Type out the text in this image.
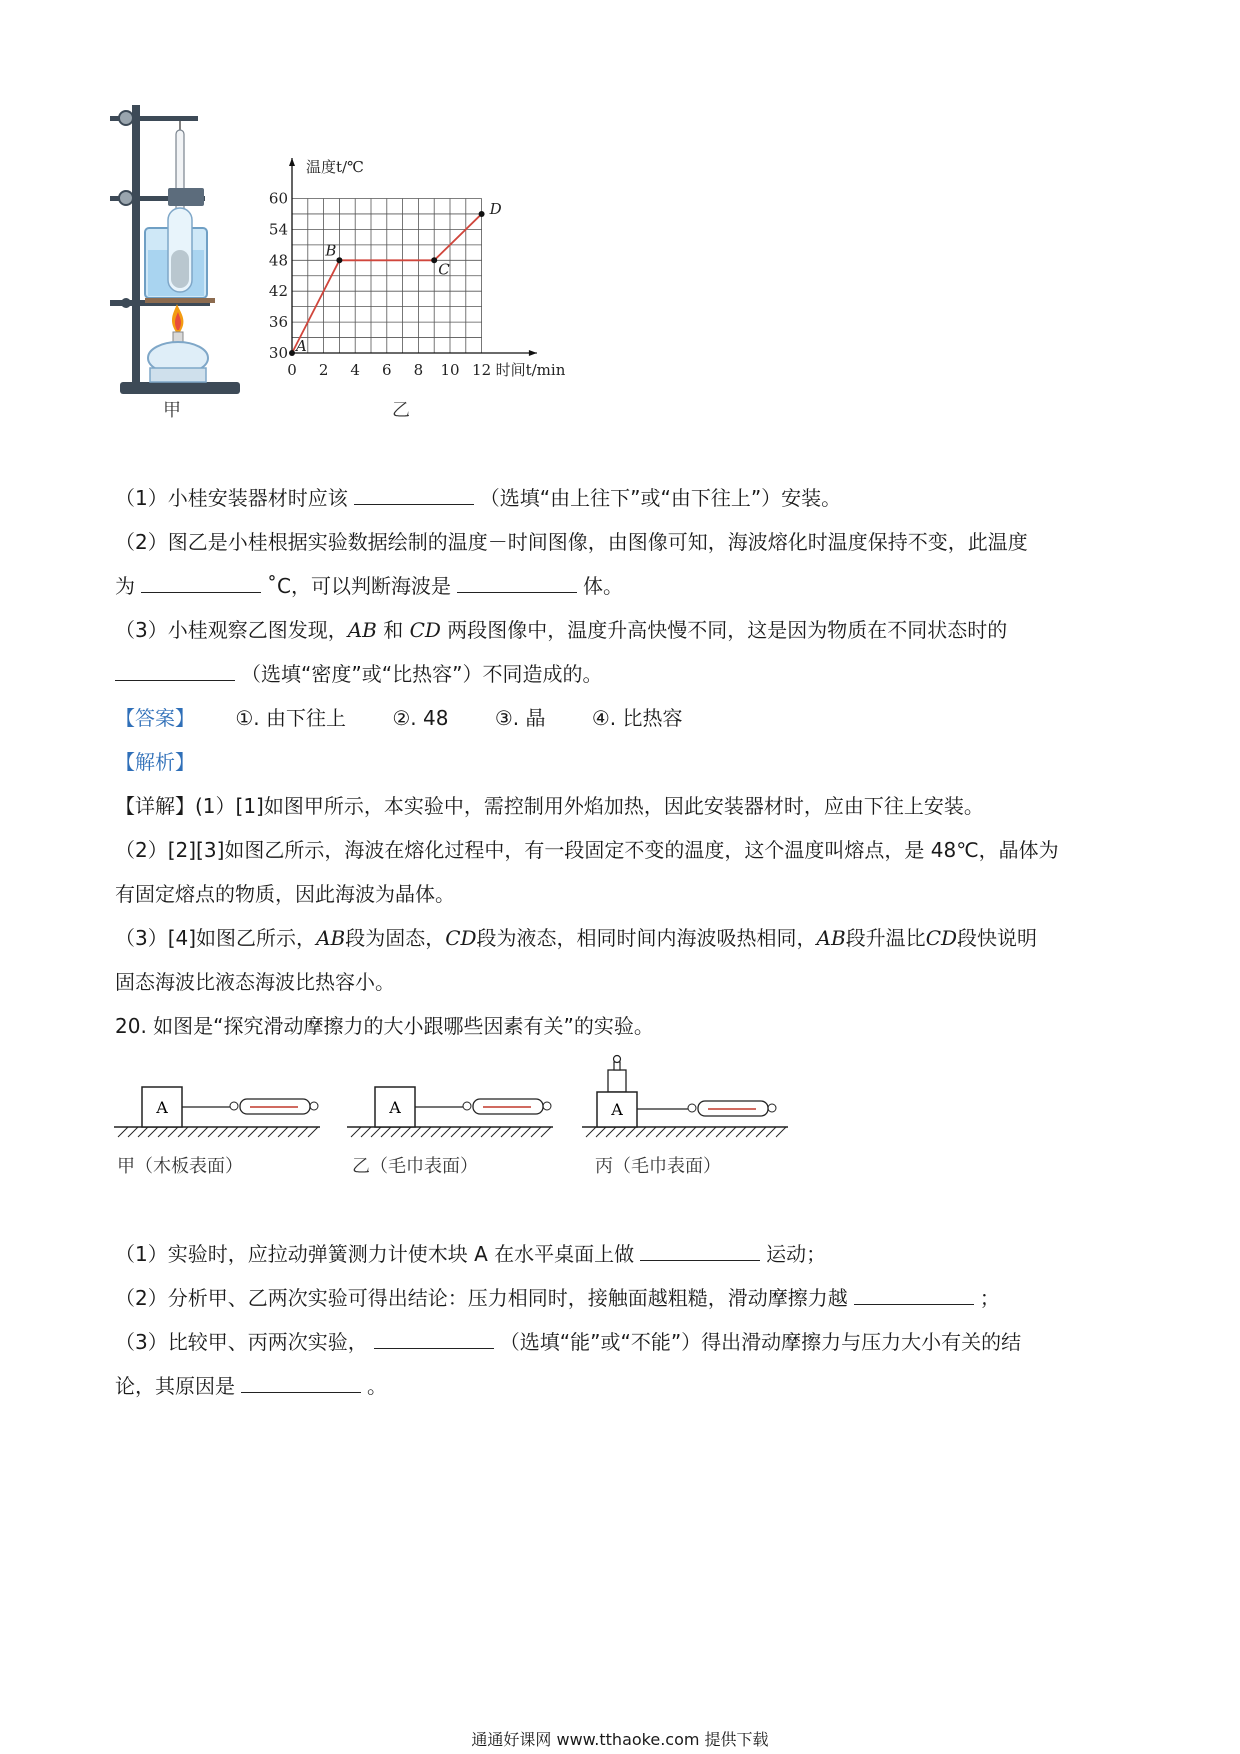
甲
0 2 4 6 8 10 12
30
36
42
48
54
60
温度t/℃
时间t/min
A
B
C
D
乙
（1）小桂安装器材时应该	（选填“由上往下”或“由下往上”）安装。
（2）图乙是小桂根据实验数据绘制的温度－时间图像，由图像可知，海波熔化时温度保持不变，此温度
为	˚C，可以判断海波是	体。
（3）小桂观察乙图发现，AB 和 CD 两段图像中，温度升高快慢不同，这是因为物质在不同状态时的
（选填“密度”或“比热容”）不同造成的。
【答案】 ①. 由下往上 ②. 48 ③. 晶 ④. 比热容
【解析】
【详解】(1）[1]如图甲所示，本实验中，需控制用外焰加热，因此安装器材时，应由下往上安装。
（2）[2][3]如图乙所示，海波在熔化过程中，有一段固定不变的温度，这个温度叫熔点，是 48℃，晶体为
有固定熔点的物质，因此海波为晶体。
（3）[4]如图乙所示，AB段为固态，CD段为液态，相同时间内海波吸热相同，AB段升温比CD段快说明
固态海波比液态海波比热容小。
20. 如图是“探究滑动摩擦力的大小跟哪些因素有关”的实验。
A
甲（木板表面）
A
乙（毛巾表面）
A
丙（毛巾表面）
（1）实验时，应拉动弹簧测力计使木块 A 在水平桌面上做	运动；
（2）分析甲、乙两次实验可得出结论：压力相同时，接触面越粗糙，滑动摩擦力越	；
（3）比较甲、丙两次实验，	（选填“能”或“不能”）得出滑动摩擦力与压力大小有关的结
论，其原因是	。
通通好课网 www.tthaoke.com 提供下载
